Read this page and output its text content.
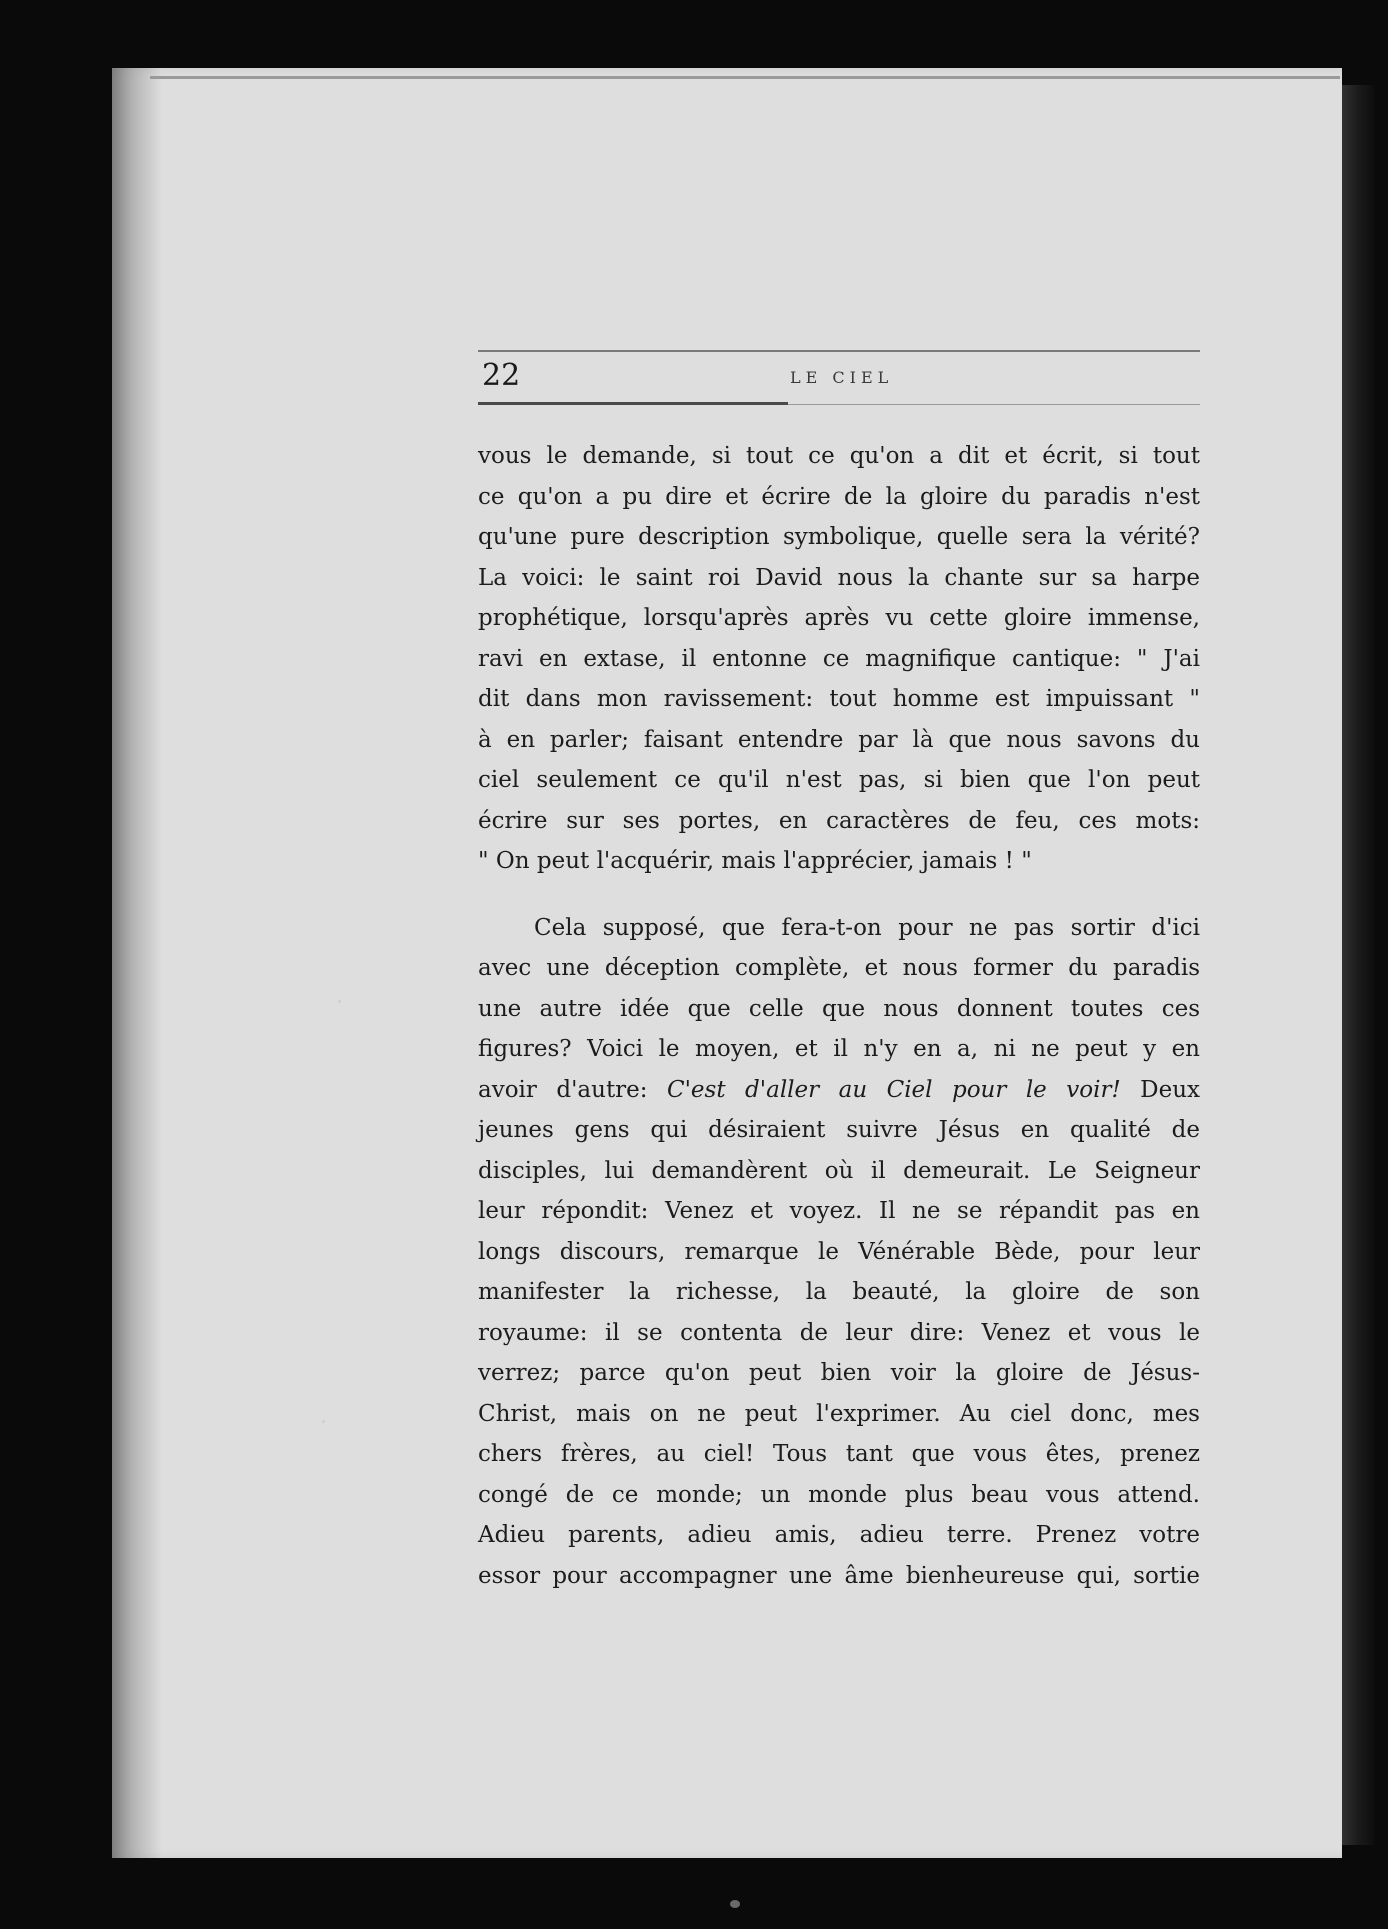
22	LE CIEL
vous le demande, si tout ce qu'on a dit et écrit, si tout
ce qu'on a pu dire et écrire de la gloire du paradis n'est
qu'une pure description symbolique, quelle sera la vérité?
La voici: le saint roi David nous la chante sur sa harpe
prophétique, lorsqu'après après vu cette gloire immense,
ravi en extase, il entonne ce magnifique cantique: " J'ai
dit dans mon ravissement: tout homme est impuissant "
à en parler; faisant entendre par là que nous savons du
ciel seulement ce qu'il n'est pas, si bien que l'on peut
écrire sur ses portes, en caractères de feu, ces mots:
" On peut l'acquérir, mais l'apprécier, jamais ! "
Cela supposé, que fera-t-on pour ne pas sortir d'ici
avec une déception complète, et nous former du paradis
une autre idée que celle que nous donnent toutes ces
figures? Voici le moyen, et il n'y en a, ni ne peut y en
avoir d'autre: C'est d'aller au Ciel pour le voir! Deux
jeunes gens qui désiraient suivre Jésus en qualité de
disciples, lui demandèrent où il demeurait. Le Seigneur
leur répondit: Venez et voyez. Il ne se répandit pas en
longs discours, remarque le Vénérable Bède, pour leur
manifester la richesse, la beauté, la gloire de son
royaume: il se contenta de leur dire: Venez et vous le
verrez; parce qu'on peut bien voir la gloire de Jésus-
Christ, mais on ne peut l'exprimer. Au ciel donc, mes
chers frères, au ciel! Tous tant que vous êtes, prenez
congé de ce monde; un monde plus beau vous attend.
Adieu parents, adieu amis, adieu terre. Prenez votre
essor pour accompagner une âme bienheureuse qui, sortie
